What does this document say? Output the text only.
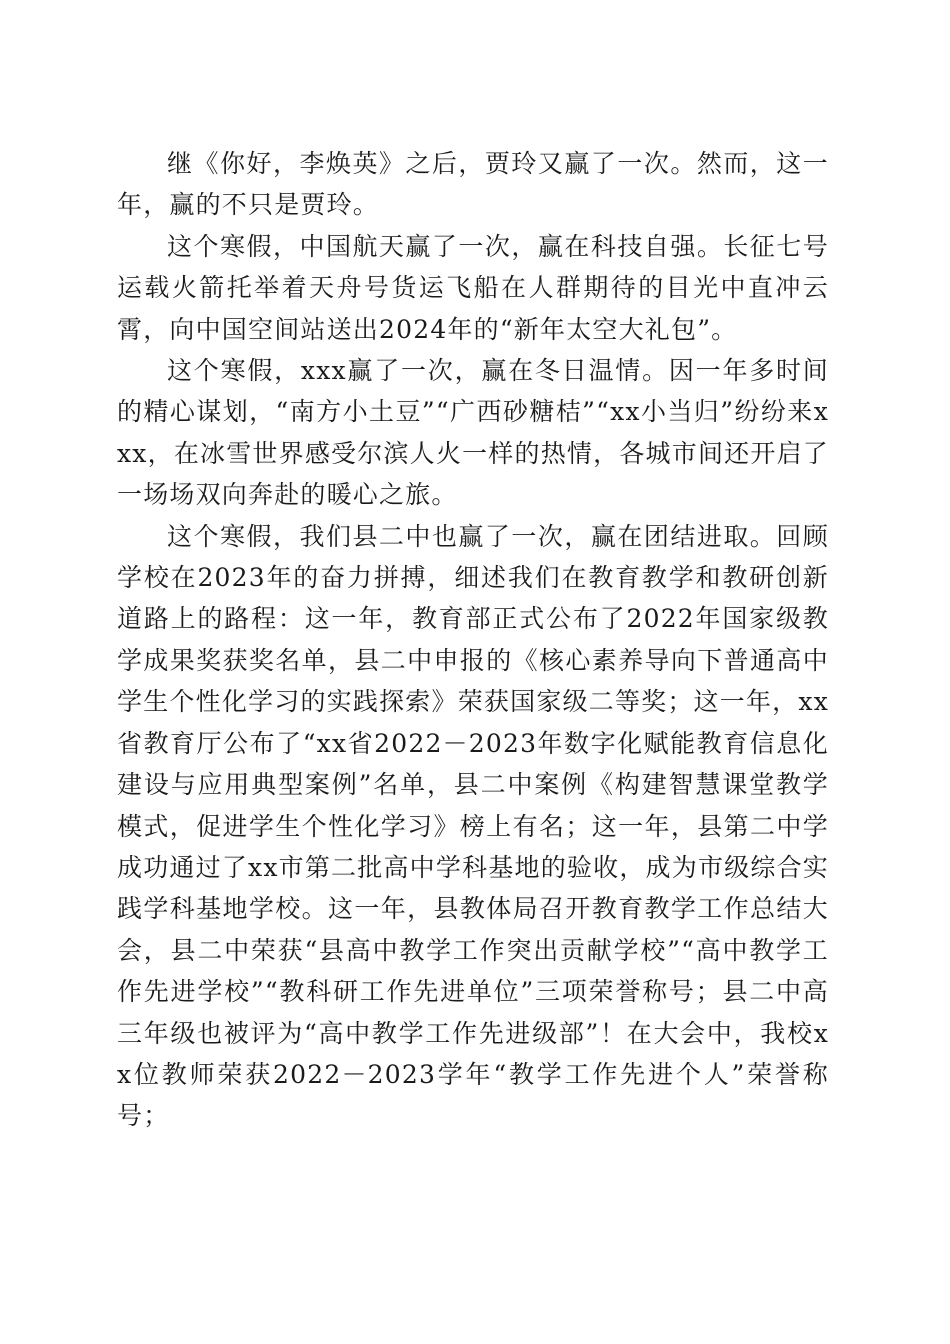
继《你好，李焕英》之后，贾玲又赢了一次。然而，这一年，赢的不只是贾玲。

这个寒假，中国航天赢了一次，赢在科技自强。长征七号运载火箭托举着天舟号货运飞船在人群期待的目光中直冲云霄，向中国空间站送出2024年的“新年太空大礼包”。

这个寒假，xxx赢了一次，赢在冬日温情。因一年多时间的精心谋划，“南方小土豆”“广西砂糖桔”“xx小当归”纷纷来xxx，在冰雪世界感受尔滨人火一样的热情，各城市间还开启了一场场双向奔赴的暖心之旅。

这个寒假，我们县二中也赢了一次，赢在团结进取。回顾学校在2023年的奋力拼搏，细述我们在教育教学和教研创新道路上的路程：这一年，教育部正式公布了2022年国家级教学成果奖获奖名单，县二中申报的《核心素养导向下普通高中学生个性化学习的实践探索》荣获国家级二等奖；这一年，xx省教育厅公布了“xx省2022－2023年数字化赋能教育信息化建设与应用典型案例”名单，县二中案例《构建智慧课堂教学模式，促进学生个性化学习》榜上有名；这一年，县第二中学成功通过了xx市第二批高中学科基地的验收，成为市级综合实践学科基地学校。这一年，县教体局召开教育教学工作总结大会，县二中荣获“县高中教学工作突出贡献学校”“高中教学工作先进学校”“教科研工作先进单位”三项荣誉称号；县二中高三年级也被评为“高中教学工作先进级部”！在大会中，我校xx位教师荣获2022－2023学年“教学工作先进个人”荣誉称号；
